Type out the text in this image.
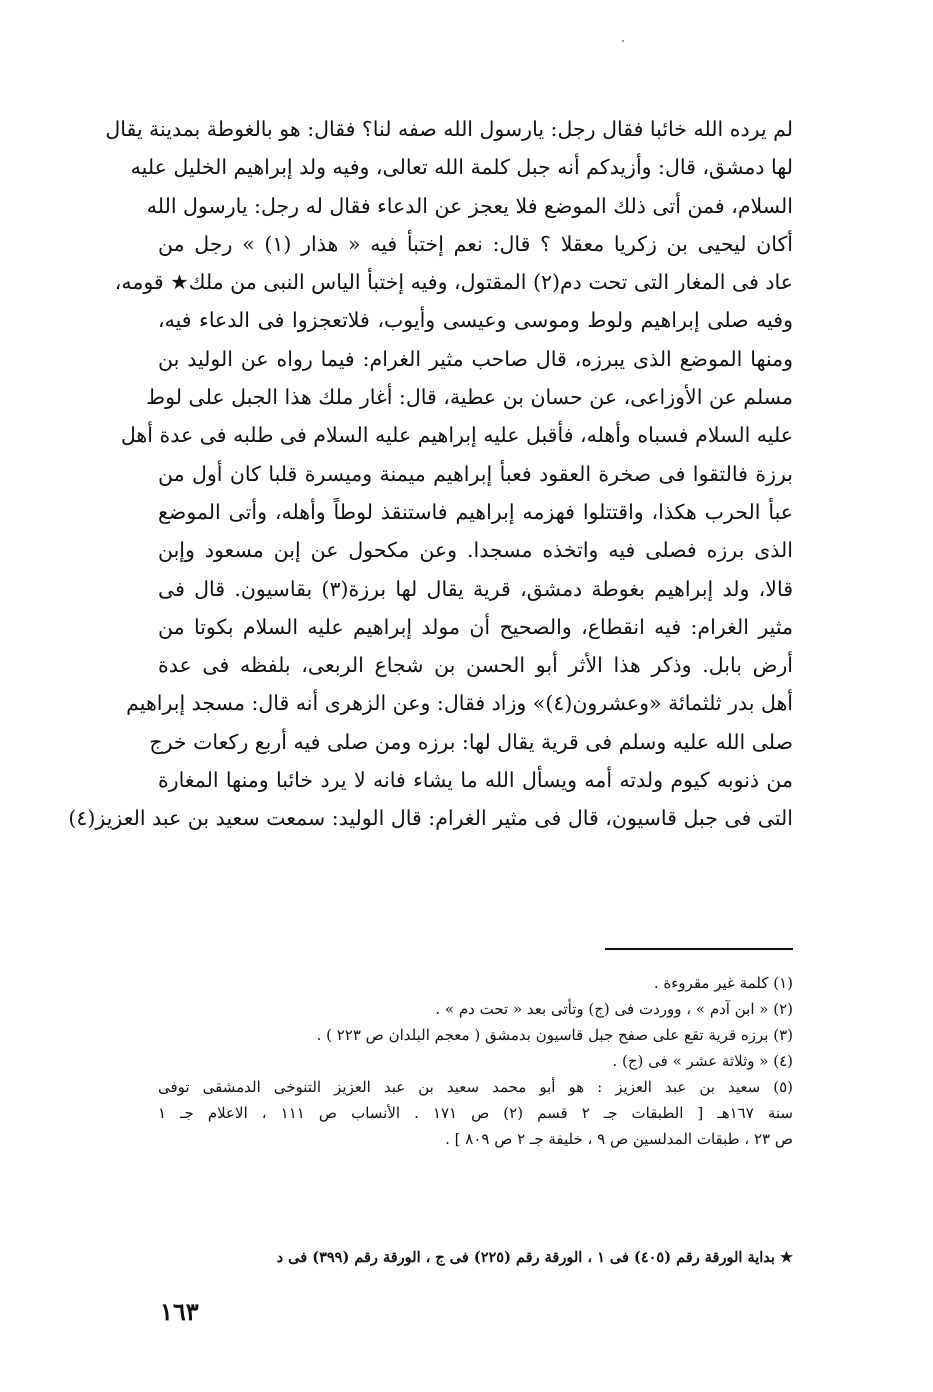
لم يرده الله خائبا فقال رجل: يارسول الله صفه لنا؟ فقال: هو بالغوطة بمدينة يقال
لها دمشق، قال: وأزيدكم أنه جبل كلمة الله تعالى، وفيه ولد إبراهيم الخليل عليه
السلام، فمن أتى ذلك الموضع فلا يعجز عن الدعاء فقال له رجل: يارسول الله
أكان ليحيى بن زكريا معقلا ؟ قال: نعم إختبأ فيه « هذار (١) » رجل من
عاد فى المغار التى تحت دم(٢) المقتول، وفيه إختبأ الياس النبى من ملك★ قومه،
وفيه صلى إبراهيم ولوط وموسى وعيسى وأيوب، فلاتعجزوا فى الدعاء فيه،
ومنها الموضع الذى يبرزه، قال صاحب مثير الغرام: فيما رواه عن الوليد بن
مسلم عن الأوزاعى، عن حسان بن عطية، قال: أغار ملك هذا الجبل على لوط
عليه السلام فسباه وأهله، فأقبل عليه إبراهيم عليه السلام فى طلبه فى عدة أهل
برزة فالتقوا فى صخرة العقود فعبأ إبراهيم ميمنة وميسرة قلبا كان أول من
عبأ الحرب هكذا، واقتتلوا فهزمه إبراهيم فاستنقذ لوطاً وأهله، وأتى الموضع
الذى برزه فصلى فيه واتخذه مسجدا. وعن مكحول عن إبن مسعود وإبن
قالا، ولد إبراهيم بغوطة دمشق، قرية يقال لها برزة(٣) بقاسيون. قال فى
مثير الغرام: فيه انقطاع، والصحيح أن مولد إبراهيم عليه السلام بكوتا من
أرض بابل. وذكر هذا الأثر أبو الحسن بن شجاع الربعى، بلفظه فى عدة
أهل بدر ثلثمائة «وعشرون(٤)» وزاد فقال: وعن الزهرى أنه قال: مسجد إبراهيم
صلى الله عليه وسلم فى قرية يقال لها: برزه ومن صلى فيه أربع ركعات خرج
من ذنوبه كيوم ولدته أمه ويسأل الله ما يشاء فانه لا يرد خائبا ومنها المغارة
التى فى جبل قاسيون، قال فى مثير الغرام: قال الوليد: سمعت سعيد بن عبد العزيز(٤)
(١) كلمة غير مقروءة .
(٢) « ابن آدم » ، ووردت فى (ج) وتأتى بعد « تحت دم » .
(٣) برزه قرية تقع على صفح جبل قاسيون بدمشق ( معجم البلدان ص ٢٢٣ ) .
(٤) « وثلاثة عشر » فى (ج) .
(٥) سعيد بن عبد العزيز : هو أبو محمد سعيد بن عبد العزيز التنوخى الدمشقى توفى
سنة ١٦٧هـ [ الطبقات جـ ٢ قسم (٢) ص ١٧١ . الأنساب ص ١١١ ، الاعلام جـ ١
ص ٢٣ ، طبقات المدلسين ص ٩ ، خليفة جـ ٢ ص ٨٠٩ ] .
★ بداية الورقة رقم (٤٠٥) فى ١ ، الورقة رقم (٢٢٥) فى ج ، الورقة رقم (٣٩٩) فى د
١٦٣
